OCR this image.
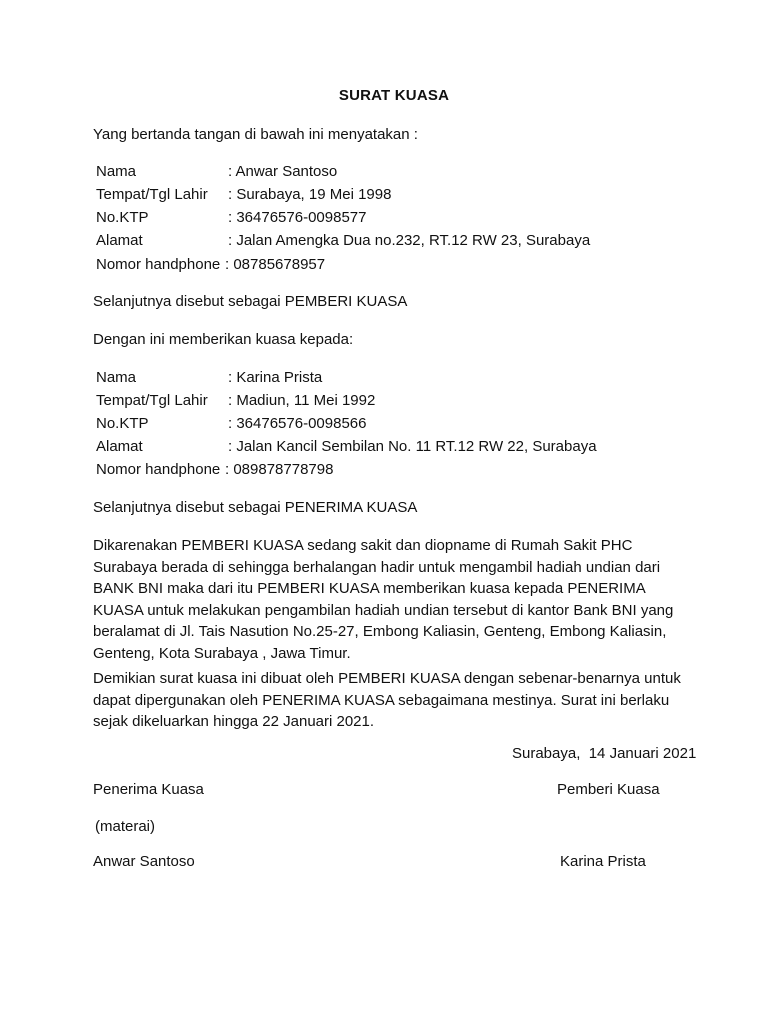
SURAT KUASA
Yang bertanda tangan di bawah ini menyatakan :
Nama	: Anwar Santoso
Tempat/Tgl Lahir : Surabaya, 19 Mei 1998
No.KTP	: 36476576-0098577
Alamat	: Jalan Amengka Dua no.232, RT.12 RW 23, Surabaya
Nomor handphone : 08785678957
Selanjutnya disebut sebagai PEMBERI KUASA
Dengan ini memberikan kuasa kepada:
Nama	: Karina Prista
Tempat/Tgl Lahir : Madiun, 11 Mei 1992
No.KTP	: 36476576-0098566
Alamat	: Jalan Kancil Sembilan No. 11 RT.12 RW 22, Surabaya
Nomor handphone : 089878778798
Selanjutnya disebut sebagai PENERIMA KUASA
Dikarenakan PEMBERI KUASA sedang sakit dan diopname di Rumah Sakit PHC
Surabaya berada di sehingga berhalangan hadir untuk mengambil hadiah undian dari
BANK BNI maka dari itu PEMBERI KUASA memberikan kuasa kepada PENERIMA
KUASA untuk melakukan pengambilan hadiah undian tersebut di kantor Bank BNI yang
beralamat di Jl. Tais Nasution No.25-27, Embong Kaliasin, Genteng, Embong Kaliasin,
Genteng, Kota Surabaya , Jawa Timur.
Demikian surat kuasa ini dibuat oleh PEMBERI KUASA dengan sebenar-benarnya untuk
dapat dipergunakan oleh PENERIMA KUASA sebagaimana mestinya. Surat ini berlaku
sejak dikeluarkan hingga 22 Januari 2021.
Surabaya,  14 Januari 2021
Penerima Kuasa	Pemberi Kuasa
(materai)
Anwar Santoso	Karina Prista
